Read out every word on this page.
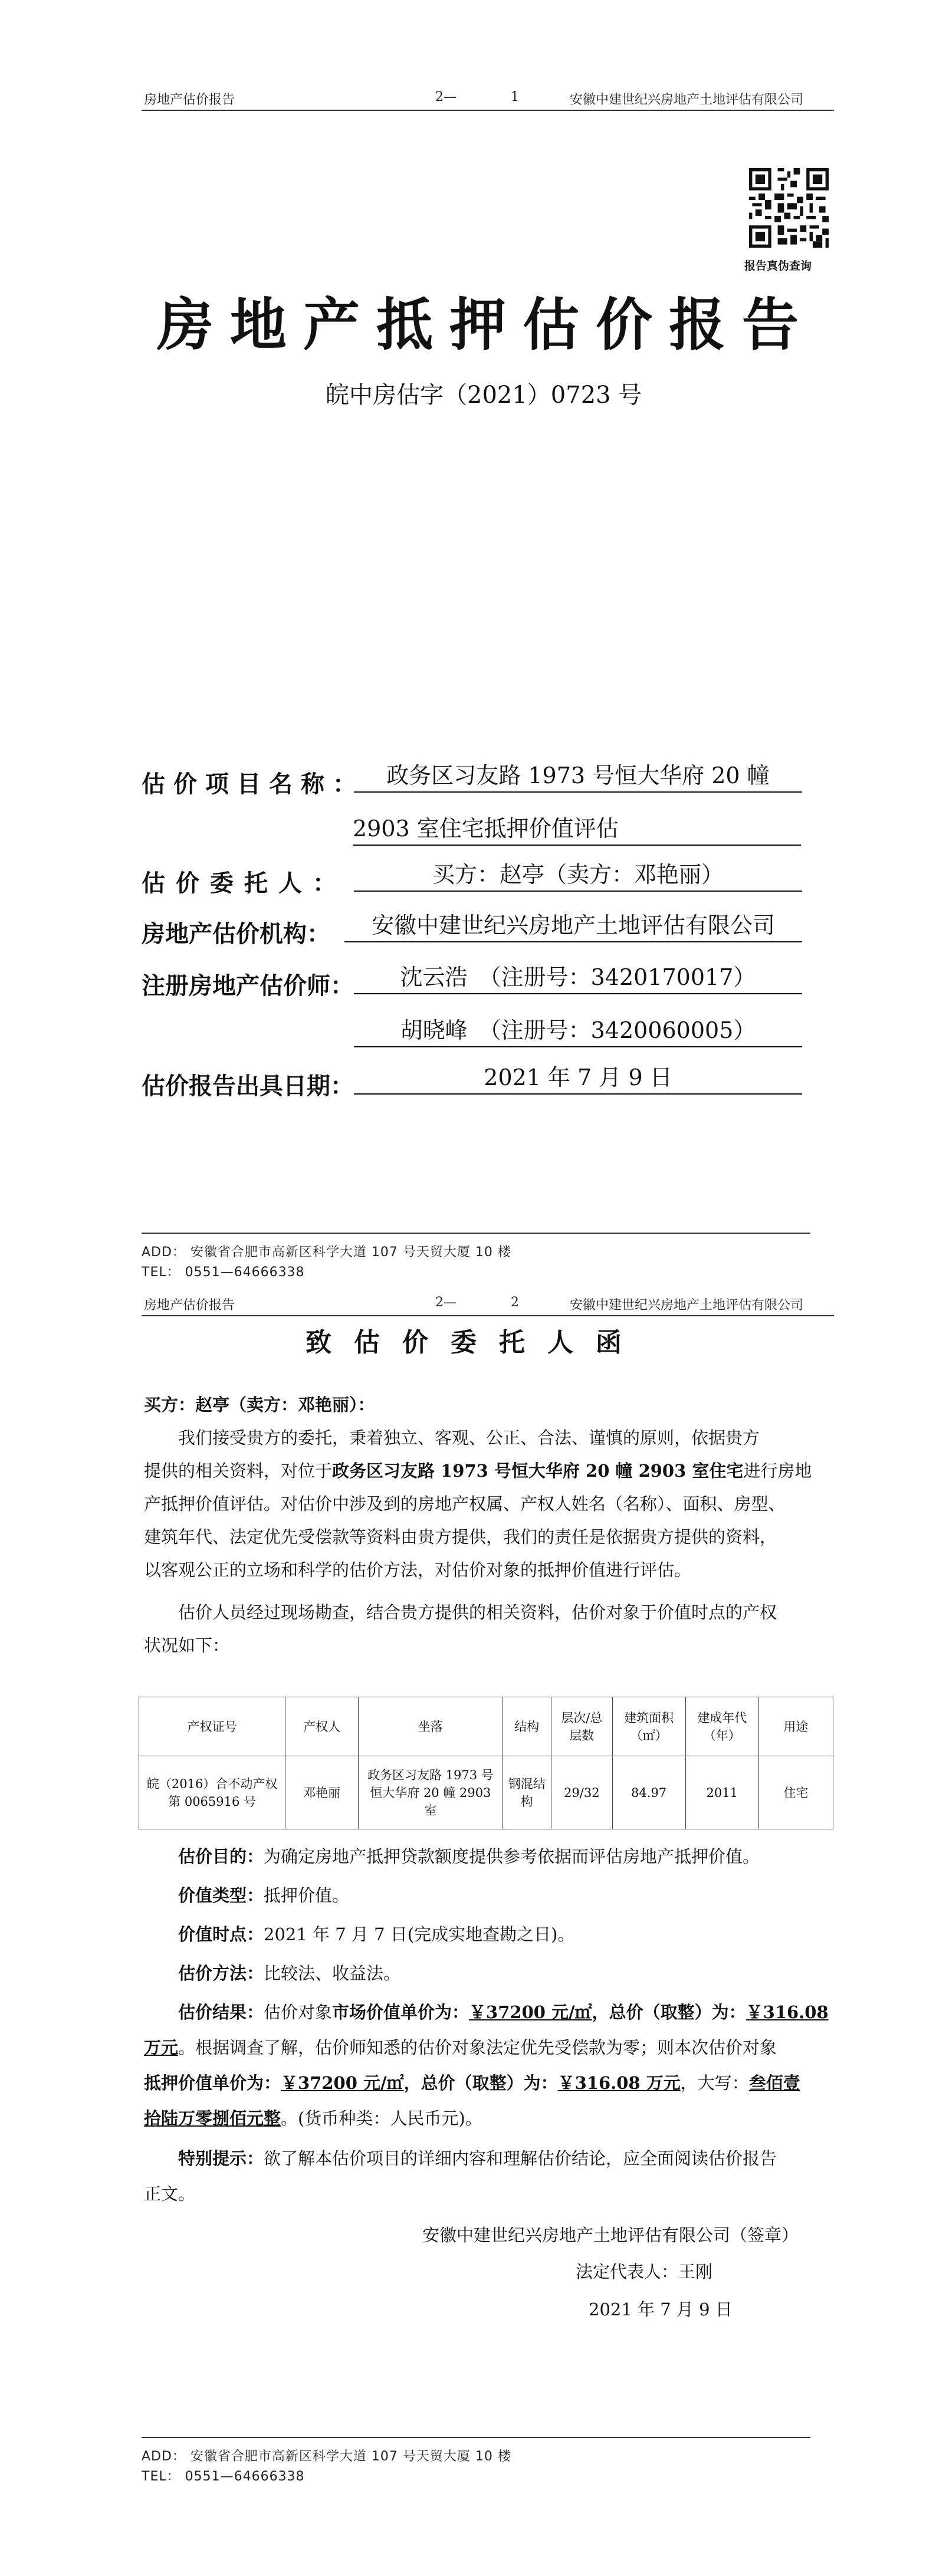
房地产估价报告	2—	1	安徽中建世纪兴房地产土地评估有限公司
报告真伪查询
房地产抵押估价报告
皖中房估字（2021）0723 号
估价项目名称： 政务区习友路 1973 号恒大华府 20 幢
2903 室住宅抵押价值评估
估价委托人：	买方：赵亭（卖方：邓艳丽）
房地产估价机构：	安徽中建世纪兴房地产土地评估有限公司
注册房地产估价师：	沈云浩　（注册号：3420170017）
胡晓峰　（注册号：3420060005）
估价报告出具日期：	2021 年 7 月 9 日
ADD： 安徽省合肥市高新区科学大道 107 号天贸大厦 10 楼
TEL： 0551—64666338
房地产估价报告	2—	2	安徽中建世纪兴房地产土地评估有限公司
致估价委托人函
买方：赵亭（卖方：邓艳丽）：
我们接受贵方的委托，秉着独立、客观、公正、合法、谨慎的原则，依据贵方
提供的相关资料，对位于政务区习友路 1973 号恒大华府 20 幢 2903 室住宅进行房地
产抵押价值评估。对估价中涉及到的房地产权属、产权人姓名（名称）、面积、房型、
建筑年代、法定优先受偿款等资料由贵方提供，我们的责任是依据贵方提供的资料，
以客观公正的立场和科学的估价方法，对估价对象的抵押价值进行评估。
估价人员经过现场勘查，结合贵方提供的相关资料，估价对象于价值时点的产权
状况如下：
产权证号	产权人	坐落	结构	层次/总层数	建筑面积（㎡）	建成年代（年）	用途
皖（2016）合不动产权第 0065916 号	邓艳丽	政务区习友路 1973 号恒大华府 20 幢 2903 室	钢混结构	29/32	84.97	2011	住宅
估价目的：为确定房地产抵押贷款额度提供参考依据而评估房地产抵押价值。
价值类型：抵押价值。
价值时点：2021 年 7 月 7 日(完成实地查勘之日)。
估价方法：比较法、收益法。
估价结果：估价对象市场价值单价为：￥37200 元/㎡，总价（取整）为：￥316.08
万元。根据调查了解，估价师知悉的估价对象法定优先受偿款为零；则本次估价对象
抵押价值单价为：￥37200 元/㎡，总价（取整）为：￥316.08 万元，大写：叁佰壹
拾陆万零捌佰元整。(货币种类：人民币元)。
特别提示：欲了解本估价项目的详细内容和理解估价结论，应全面阅读估价报告
正文。
安徽中建世纪兴房地产土地评估有限公司（签章）
法定代表人：王刚
2021 年 7 月 9 日
ADD： 安徽省合肥市高新区科学大道 107 号天贸大厦 10 楼
TEL： 0551—64666338
